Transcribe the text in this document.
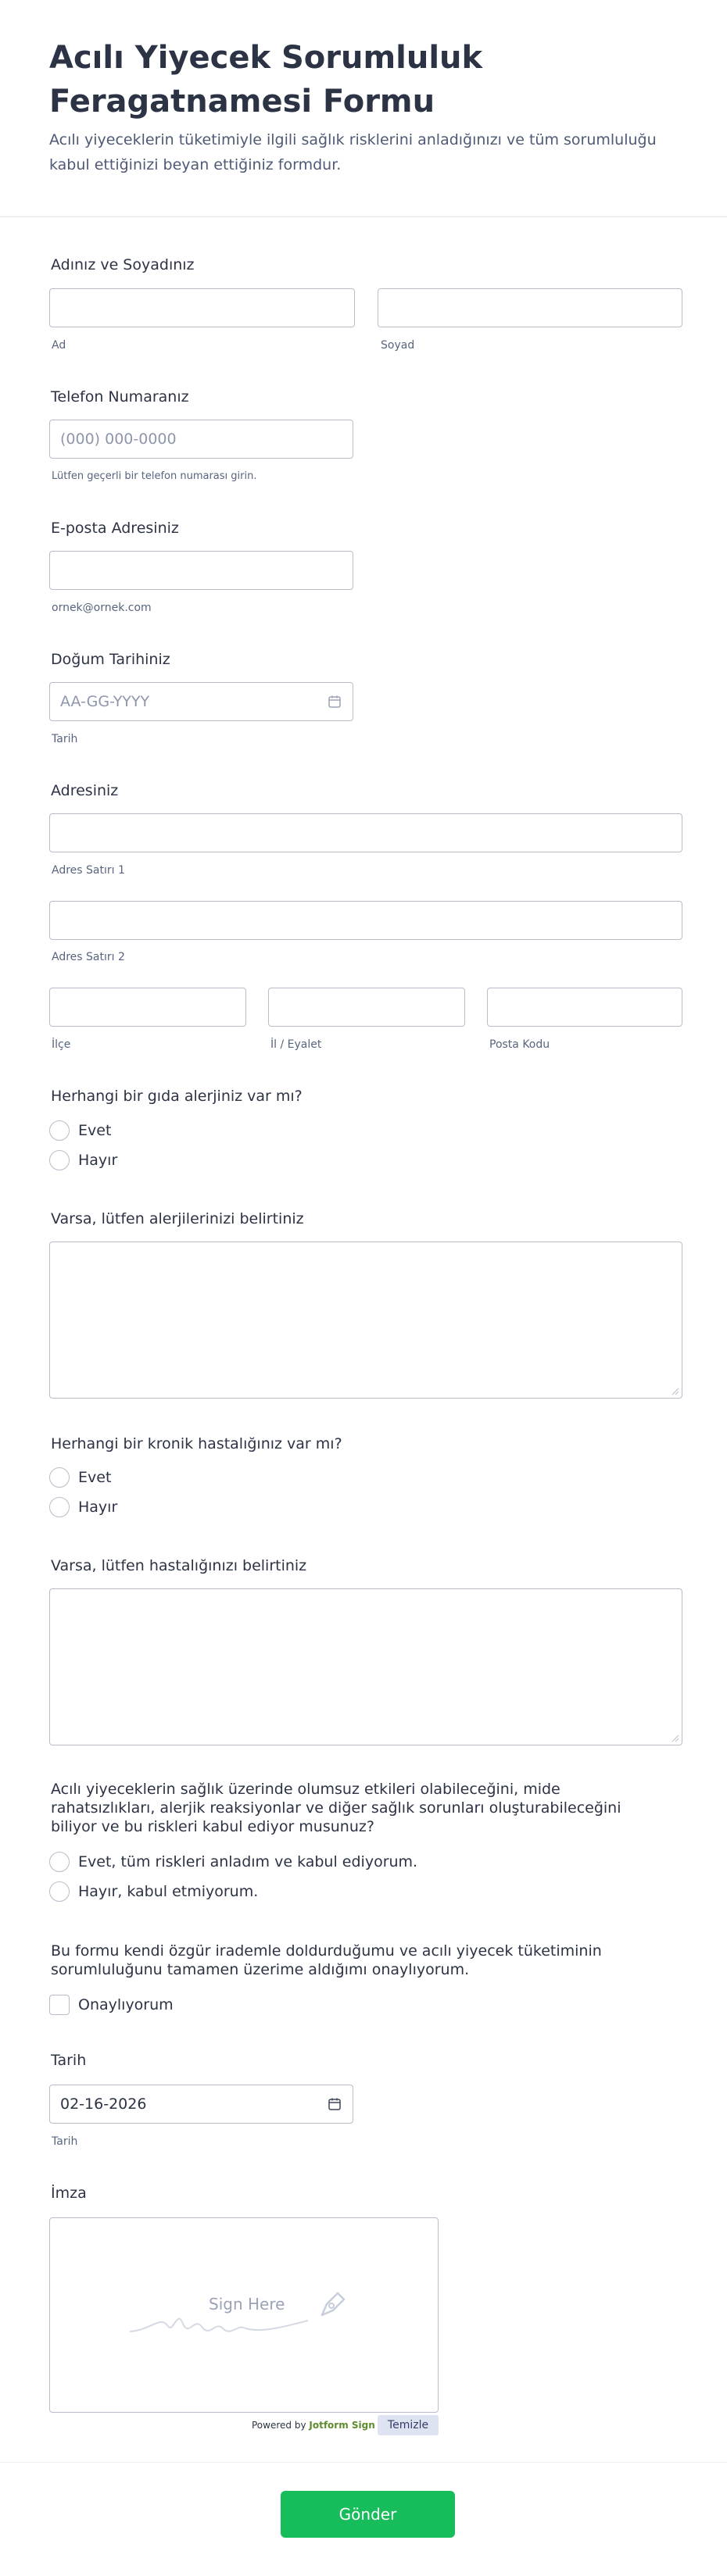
Acılı Yiyecek Sorumluluk Feragatnamesi Formu
Acılı yiyeceklerin tüketimiyle ilgili sağlık risklerini anladığınızı ve tüm sorumluluğu kabul ettiğinizi beyan ettiğiniz formdur.
Adınız ve Soyadınız
Ad	Soyad
Telefon Numaranız
(000) 000-0000
Lütfen geçerli bir telefon numarası girin.
E-posta Adresiniz
ornek@ornek.com
Doğum Tarihiniz
AA-GG-YYYY
Tarih
Adresiniz
Adres Satırı 1
Adres Satırı 2
İlçe	İl / Eyalet	Posta Kodu
Herhangi bir gıda alerjiniz var mı?
Evet
Hayır
Varsa, lütfen alerjilerinizi belirtiniz
Herhangi bir kronik hastalığınız var mı?
Evet
Hayır
Varsa, lütfen hastalığınızı belirtiniz
Acılı yiyeceklerin sağlık üzerinde olumsuz etkileri olabileceğini, mide rahatsızlıkları, alerjik reaksiyonlar ve diğer sağlık sorunları oluşturabileceğini biliyor ve bu riskleri kabul ediyor musunuz?
Evet, tüm riskleri anladım ve kabul ediyorum.
Hayır, kabul etmiyorum.
Bu formu kendi özgür irademle doldurduğumu ve acılı yiyecek tüketiminin sorumluluğunu tamamen üzerime aldığımı onaylıyorum.
Onaylıyorum
Tarih
02-16-2026
Tarih
İmza
Sign Here
Powered by Jotform Sign	Temizle
Gönder
